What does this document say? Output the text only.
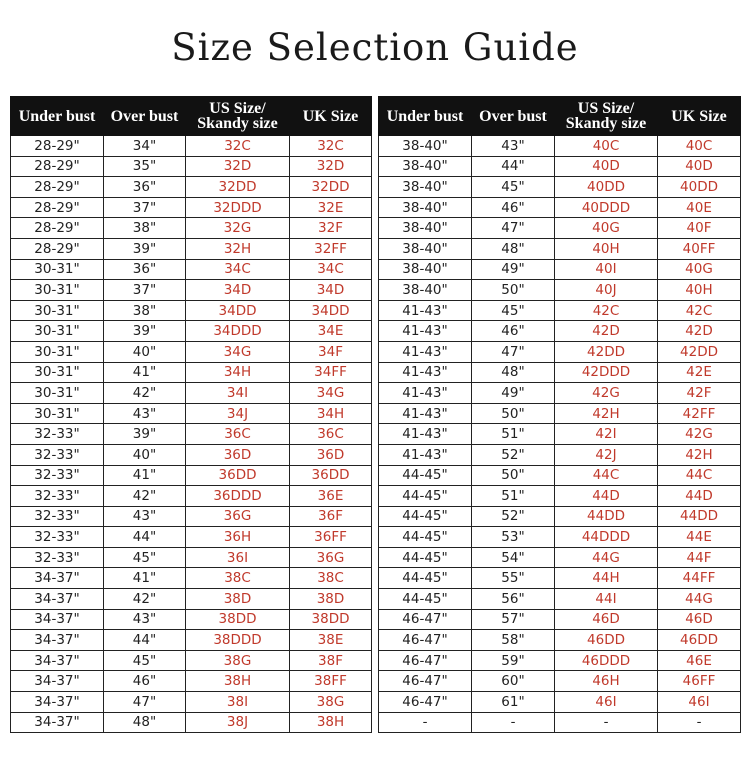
Size Selection Guide
Under bust	Over bust	US Size/
Skandy size	UK Size
28-29"	34"	32C	32C
28-29"	35"	32D	32D
28-29"	36"	32DD	32DD
28-29"	37"	32DDD	32E
28-29"	38"	32G	32F
28-29"	39"	32H	32FF
30-31"	36"	34C	34C
30-31"	37"	34D	34D
30-31"	38"	34DD	34DD
30-31"	39"	34DDD	34E
30-31"	40"	34G	34F
30-31"	41"	34H	34FF
30-31"	42"	34I	34G
30-31"	43"	34J	34H
32-33"	39"	36C	36C
32-33"	40"	36D	36D
32-33"	41"	36DD	36DD
32-33"	42"	36DDD	36E
32-33"	43"	36G	36F
32-33"	44"	36H	36FF
32-33"	45"	36I	36G
34-37"	41"	38C	38C
34-37"	42"	38D	38D
34-37"	43"	38DD	38DD
34-37"	44"	38DDD	38E
34-37"	45"	38G	38F
34-37"	46"	38H	38FF
34-37"	47"	38I	38G
34-37"	48"	38J	38H
Under bust	Over bust	US Size/
Skandy size	UK Size
38-40"	43"	40C	40C
38-40"	44"	40D	40D
38-40"	45"	40DD	40DD
38-40"	46"	40DDD	40E
38-40"	47"	40G	40F
38-40"	48"	40H	40FF
38-40"	49"	40I	40G
38-40"	50"	40J	40H
41-43"	45"	42C	42C
41-43"	46"	42D	42D
41-43"	47"	42DD	42DD
41-43"	48"	42DDD	42E
41-43"	49"	42G	42F
41-43"	50"	42H	42FF
41-43"	51"	42I	42G
41-43"	52"	42J	42H
44-45"	50"	44C	44C
44-45"	51"	44D	44D
44-45"	52"	44DD	44DD
44-45"	53"	44DDD	44E
44-45"	54"	44G	44F
44-45"	55"	44H	44FF
44-45"	56"	44I	44G
46-47"	57"	46D	46D
46-47"	58"	46DD	46DD
46-47"	59"	46DDD	46E
46-47"	60"	46H	46FF
46-47"	61"	46I	46I
-	-	-	-
